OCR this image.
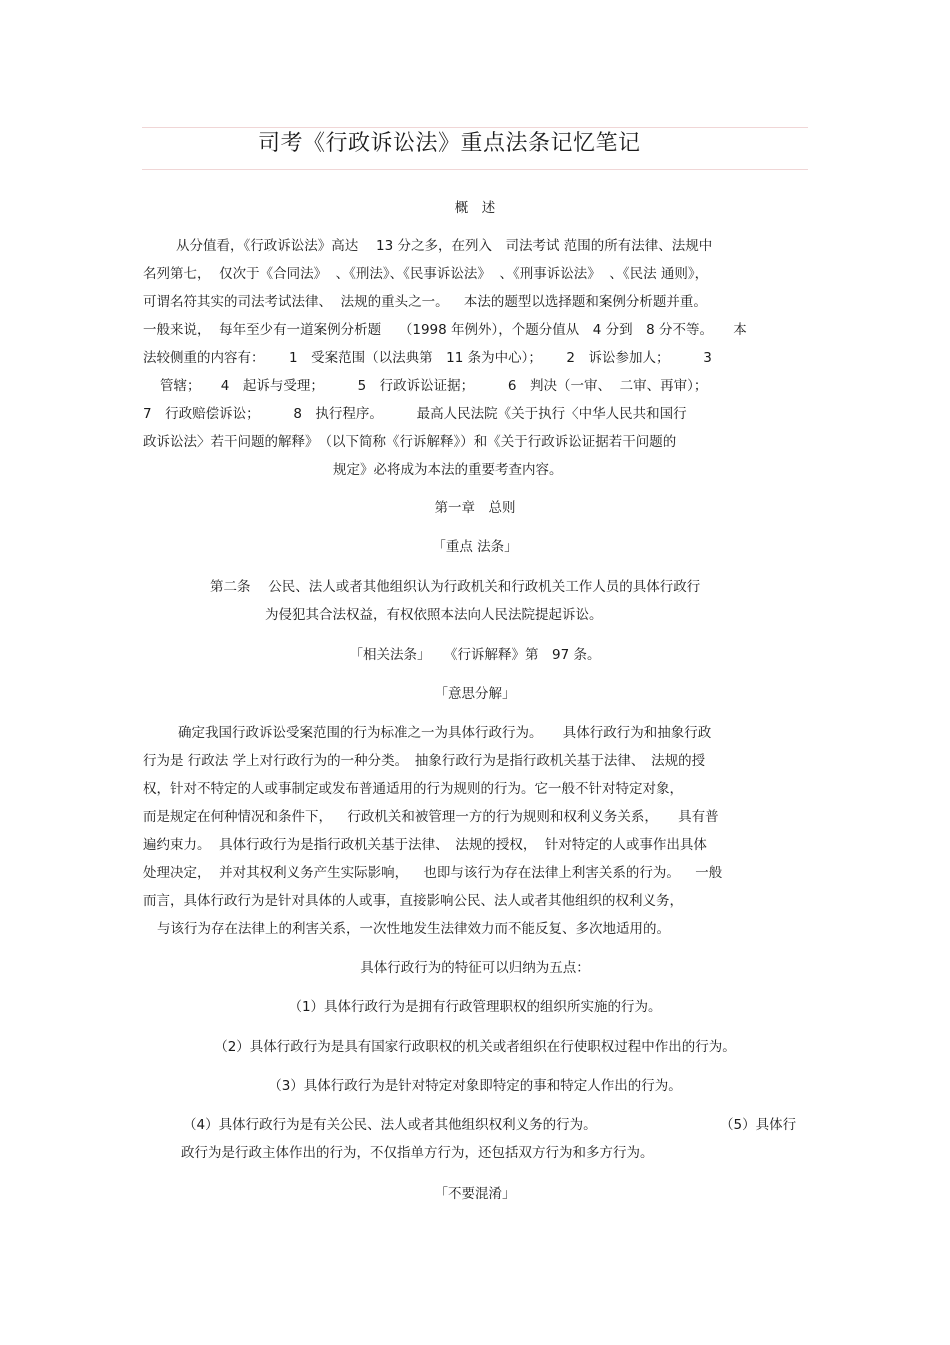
司考《行政诉讼法》重点法条记忆笔记
概　述
从分值看，《行政诉讼法》高达　 13 分之多，在列入　司法考试 范围的所有法律、法规中
名列第七，  仅次于《合同法》  、《刑法》、《民事诉讼法》  、《刑事诉讼法》  、《民法 通则》，
可谓名符其实的司法考试法律、  法规的重头之一。　  本法的题型以选择题和案例分析题并重。
一般来说，  每年至少有一道案例分析题　 （1998 年例外），个题分值从　4 分到　8 分不等。　　本
法较侧重的内容有：　　 1　受案范围（以法典第　11 条为中心）；　　 2　诉讼参加人；　　　3
管辖；　　4　起诉与受理；　　　5　行政诉讼证据；　　　6　判决（一审、  二审、再审）；
7　行政赔偿诉讼；　　　8　执行程序。　　　最高人民法院《关于执行〈中华人民共和国行
政诉讼法〉若干问题的解释》　（以下简称《行诉解释》）和《关于行政诉讼证据若干问题的
规定》必将成为本法的重要考查内容。
第一章　总则
「重点 法条」
第二条　 公民、法人或者其他组织认为行政机关和行政机关工作人员的具体行政行
为侵犯其合法权益，有权依照本法向人民法院提起诉讼。
「相关法条」　　《行诉解释》第　97 条。
「意思分解」
确定我国行政诉讼受案范围的行为标准之一为具体行政行为。　　具体行政行为和抽象行政
行为是 行政法 学上对行政行为的一种分类。　抽象行政行为是指行政机关基于法律、　法规的授
权，针对不特定的人或事制定或发布普通适用的行为规则的行为。它一般不针对特定对象，
而是规定在何种情况和条件下，　  行政机关和被管理一方的行为规则和权利义务关系，　　具有普
遍约束力。  具体行政行为是指行政机关基于法律、　法规的授权，  针对特定的人或事作出具体
处理决定，  并对其权利义务产生实际影响，　  也即与该行为存在法律上利害关系的行为。　  一般
而言，具体行政行为是针对具体的人或事，直接影响公民、法人或者其他组织的权利义务，
与该行为存在法律上的利害关系，一次性地发生法律效力而不能反复、多次地适用的。
具体行政行为的特征可以归纳为五点：
（1）具体行政行为是拥有行政管理职权的组织所实施的行为。
（2）具体行政行为是具有国家行政职权的机关或者组织在行使职权过程中作出的行为。
（3）具体行政行为是针对特定对象即特定的事和特定人作出的行为。
（4）具体行政行为是有关公民、法人或者其他组织权利义务的行为。	（5）具体行
政行为是行政主体作出的行为，不仅指单方行为，还包括双方行为和多方行为。
「不要混淆」
